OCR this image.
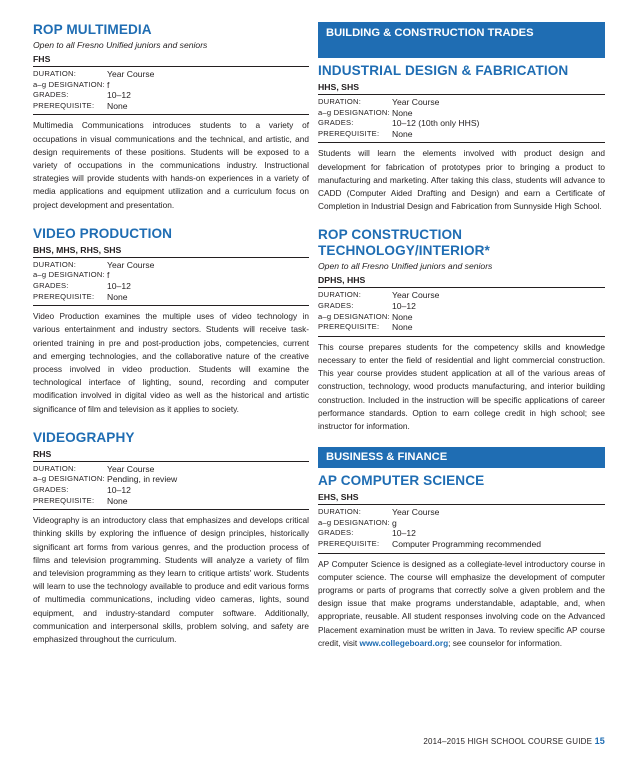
ROP MULTIMEDIA
Open to all Fresno Unified juniors and seniors
FHS
DURATION:	Year Course
a–g DESIGNATION: f
GRADES:	10–12
PREREQUISITE:	None

Multimedia Communications introduces students to a variety of occupations in visual communications and the technical, and artistic, and design requirements of these positions. Students will be exposed to a variety of occupations in the communications industry. Instructional strategies will provide students with hands-on experiences in a variety of media applications and equipment utilization and a curriculum focus on project development and presentation.

VIDEO PRODUCTION
BHS, MHS, RHS, SHS
DURATION:	Year Course
a–g DESIGNATION: f
GRADES:	10–12
PREREQUISITE:	None

Video Production examines the multiple uses of video technology in various entertainment and industry sectors. Students will receive task-oriented training in pre and post-production jobs, competencies, current and emerging technologies, and the collaborative nature of the creative process involved in video production. Students will examine the technological interface of lighting, sound, recording and computer modification involved in digital video as well as the historical and artistic significance of film and television as it applies to society.

VIDEOGRAPHY
RHS
DURATION:	Year Course
a–g DESIGNATION: Pending, in review
GRADES:	10–12
PREREQUISITE:	None

Videography is an introductory class that emphasizes and develops critical thinking skills by exploring the influence of design principles, historically significant art forms from various genres, and the production process of films and television programming. Students will analyze a variety of film and television programming as they learn to critique artists' work. Students will learn to use the technology available to produce and edit various forms of multimedia communications, including video cameras, lights, sound equipment, and industry-standard computer software. Additionally, communication and interpersonal skills, problem solving, and safety are emphasized throughout the curriculum.

BUILDING & CONSTRUCTION TRADES
INDUSTRIAL DESIGN & FABRICATION
HHS, SHS
DURATION:	Year Course
a–g DESIGNATION: None
GRADES:	10–12 (10th only HHS)
PREREQUISITE:	None

Students will learn the elements involved with product design and development for fabrication of prototypes prior to bringing a product to manufacturing and marketing. After taking this class, students will advance to CADD (Computer Aided Drafting and Design) and earn a Certificate of Completion in Industrial Design and Fabrication from Sunnyside High School.

ROP CONSTRUCTION TECHNOLOGY/INTERIOR*
Open to all Fresno Unified juniors and seniors
DPHS, HHS
DURATION:	Year Course
GRADES:	10–12
a–g DESIGNATION: None
PREREQUISITE:	None

This course prepares students for the competency skills and knowledge necessary to enter the field of residential and light commercial construction. This year course provides student application at all of the various areas of construction, technology, wood products manufacturing, and interior building construction. Included in the instruction will be specific applications of career performance standards. Option to earn college credit in high school; see instructor for information.

BUSINESS & FINANCE
AP COMPUTER SCIENCE
EHS, SHS
DURATION:	Year Course
a–g DESIGNATION: g
GRADES:	10–12
PREREQUISITE:	Computer Programming recommended

AP Computer Science is designed as a collegiate-level introductory course in computer science. The course will emphasize the development of computer programs or parts of programs that correctly solve a given problem and the design issue that make programs understandable, adaptable, and, when appropriate, reusable. All student responses involving code on the Advanced Placement examination must be written in Java. To review specific AP course credit, visit www.collegeboard.org; see counselor for information.

2014–2015 HIGH SCHOOL COURSE GUIDE 15
